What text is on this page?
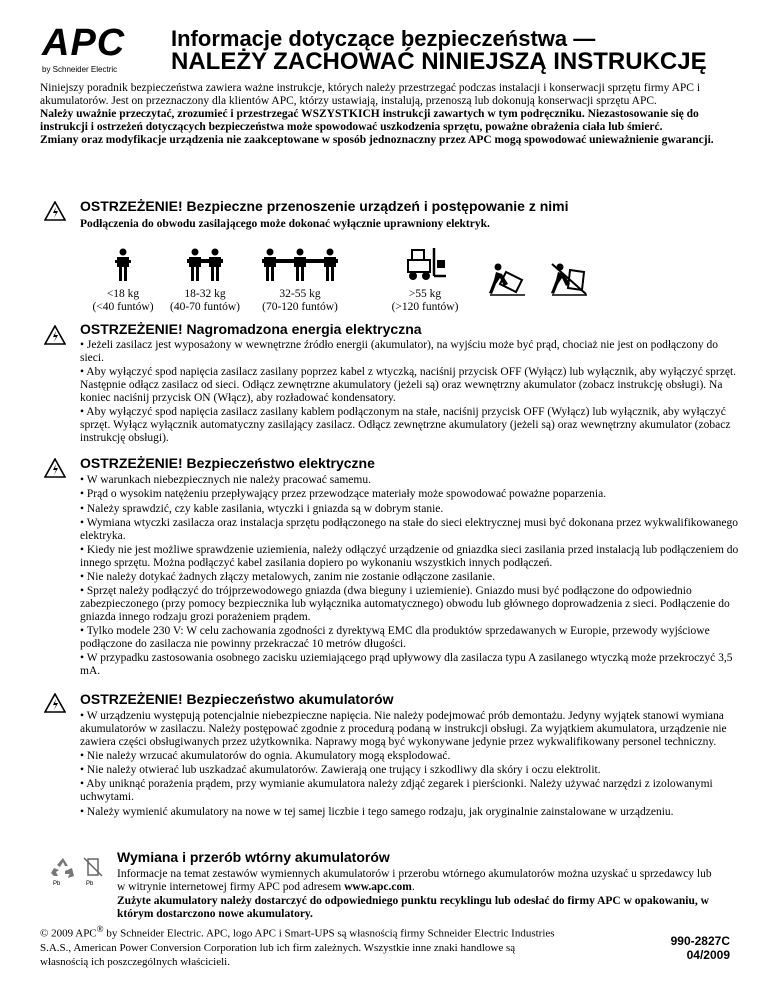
APC
by Schneider Electric
Informacje dotyczące bezpieczeństwa —
NALEŻY ZACHOWAĆ NINIEJSZĄ INSTRUKCJĘ

Niniejszy poradnik bezpieczeństwa zawiera ważne instrukcje, których należy przestrzegać podczas instalacji i konserwacji sprzętu firmy APC i akumulatorów. Jest on przeznaczony dla klientów APC, którzy ustawiają, instalują, przenoszą lub dokonują konserwacji sprzętu APC.

Należy uważnie przeczytać, zrozumieć i przestrzegać WSZYSTKICH instrukcji zawartych w tym podręczniku. Niezastosowanie się do instrukcji i ostrzeżeń dotyczących bezpieczeństwa może spowodować uszkodzenia sprzętu, poważne obrażenia ciała lub śmierć.

Zmiany oraz modyfikacje urządzenia nie zaakceptowane w sposób jednoznaczny przez APC mogą spowodować unieważnienie gwarancji.

OSTRZEŻENIE! Bezpieczne przenoszenie urządzeń i postępowanie z nimi
Podłączenia do obwodu zasilającego może dokonać wyłącznie uprawniony elektryk.
<18 kg
(<40 funtów)
18-32 kg
(40-70 funtów)
32-55 kg
(70-120 funtów)
>55 kg
(>120 funtów)
OSTRZEŻENIE! Nagromadzona energia elektryczna

• Jeżeli zasilacz jest wyposażony w wewnętrzne źródło energii (akumulator), na wyjściu może być prąd, chociaż nie jest on podłączony do sieci.

• Aby wyłączyć spod napięcia zasilacz zasilany poprzez kabel z wtyczką, naciśnij przycisk OFF (Wyłącz) lub wyłącznik, aby wyłączyć sprzęt. Następnie odłącz zasilacz od sieci. Odłącz zewnętrzne akumulatory (jeżeli są) oraz wewnętrzny akumulator (zobacz instrukcję obsługi). Na koniec naciśnij przycisk ON (Włącz), aby rozładować kondensatory.

• Aby wyłączyć spod napięcia zasilacz zasilany kablem podłączonym na stałe, naciśnij przycisk OFF (Wyłącz) lub wyłącznik, aby wyłączyć sprzęt. Wyłącz wyłącznik automatyczny zasilający zasilacz. Odłącz zewnętrzne akumulatory (jeżeli są) oraz wewnętrzny akumulator (zobacz instrukcję obsługi).

OSTRZEŻENIE! Bezpieczeństwo elektryczne

• W warunkach niebezpiecznych nie należy pracować samemu.

• Prąd o wysokim natężeniu przepływający przez przewodzące materiały może spowodować poważne poparzenia.

• Należy sprawdzić, czy kable zasilania, wtyczki i gniazda są w dobrym stanie.

• Wymiana wtyczki zasilacza oraz instalacja sprzętu podłączonego na stałe do sieci elektrycznej musi być dokonana przez wykwalifikowanego elektryka.

• Kiedy nie jest możliwe sprawdzenie uziemienia, należy odłączyć urządzenie od gniazdka sieci zasilania przed instalacją lub podłączeniem do innego sprzętu. Można podłączyć kabel zasilania dopiero po wykonaniu wszystkich innych podłączeń.

• Nie należy dotykać żadnych złączy metalowych, zanim nie zostanie odłączone zasilanie.

• Sprzęt należy podłączyć do trójprzewodowego gniazda (dwa bieguny i uziemienie). Gniazdo musi być podłączone do odpowiednio zabezpieczonego (przy pomocy bezpiecznika lub wyłącznika automatycznego) obwodu lub głównego doprowadzenia z sieci. Podłączenie do gniazda innego rodzaju grozi porażeniem prądem.

• Tylko modele 230 V: W celu zachowania zgodności z dyrektywą EMC dla produktów sprzedawanych w Europie, przewody wyjściowe podłączone do zasilacza nie powinny przekraczać 10 metrów długości.

• W przypadku zastosowania osobnego zacisku uziemiającego prąd upływowy dla zasilacza typu A zasilanego wtyczką może przekroczyć 3,5 mA.

OSTRZEŻENIE! Bezpieczeństwo akumulatorów

• W urządzeniu występują potencjalnie niebezpieczne napięcia. Nie należy podejmować prób demontażu. Jedyny wyjątek stanowi wymiana akumulatorów w zasilaczu. Należy postępować zgodnie z procedurą podaną w instrukcji obsługi. Za wyjątkiem akumulatora, urządzenie nie zawiera części obsługiwanych przez użytkownika. Naprawy mogą być wykonywane jedynie przez wykwalifikowany personel techniczny.

• Nie należy wrzucać akumulatorów do ognia. Akumulatory mogą eksplodować.

• Nie należy otwierać lub uszkadzać akumulatorów. Zawierają one trujący i szkodliwy dla skóry i oczu elektrolit.

• Aby uniknąć porażenia prądem, przy wymianie akumulatora należy zdjąć zegarek i pierścionki. Należy używać narzędzi z izolowanymi uchwytami.

• Należy wymienić akumulatory na nowe w tej samej liczbie i tego samego rodzaju, jak oryginalnie zainstalowane w urządzeniu.

Pb	Pb
Wymiana i przerób wtórny akumulatorów

Informacje na temat zestawów wymiennych akumulatorów i przerobu wtórnego akumulatorów można uzyskać u sprzedawcy lub w witrynie internetowej firmy APC pod adresem www.apc.com.

Zużyte akumulatory należy dostarczyć do odpowiedniego punktu recyklingu lub odesłać do firmy APC w opakowaniu, w którym dostarczono nowe akumulatory.

© 2009 APC® by Schneider Electric. APC, logo APC i Smart-UPS są własnością firmy Schneider Electric Industries S.A.S., American Power Conversion Corporation lub ich firm zależnych. Wszystkie inne znaki handlowe są własnością ich poszczególnych właścicieli.
990-2827C
04/2009
